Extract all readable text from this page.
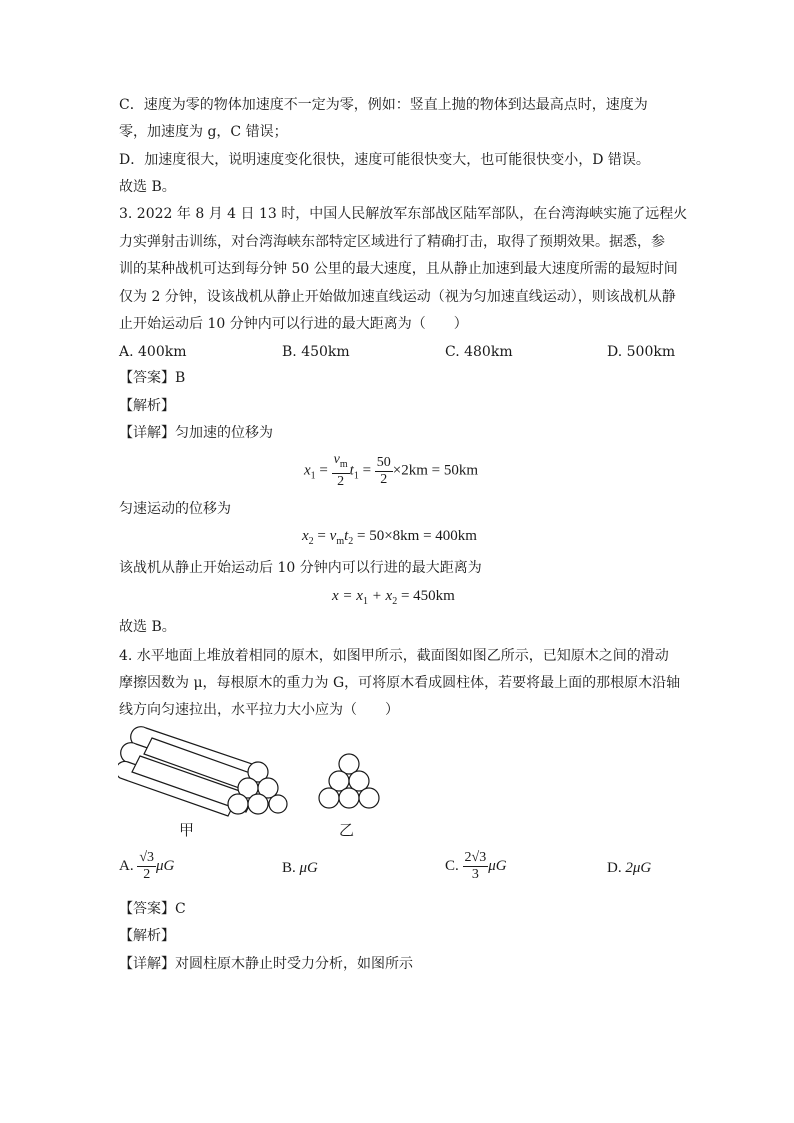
C．速度为零的物体加速度不一定为零，例如：竖直上抛的物体到达最高点时，速度为
零，加速度为 g，C 错误；
D．加速度很大，说明速度变化很快，速度可能很快变大，也可能很快变小，D 错误。
故选 B。
3. 2022 年 8 月 4 日 13 时，中国人民解放军东部战区陆军部队，在台湾海峡实施了远程火
力实弹射击训练，对台湾海峡东部特定区域进行了精确打击，取得了预期效果。据悉，参
训的某种战机可达到每分钟 50 公里的最大速度，且从静止加速到最大速度所需的最短时间
仅为 2 分钟，设该战机从静止开始做加速直线运动（视为匀加速直线运动），则该战机从静
止开始运动后 10 分钟内可以行进的最大距离为（　　）
A. 400km	B. 450km	C. 480km	D. 500km
【答案】B
【解析】
【详解】匀加速的位移为
$x_1 = \frac{v_m}{2} t_1 = \frac{50}{2} \times 2km = 50km$
匀速运动的位移为
$x_2 = v_mt_2 = 50\times 8km = 400km$
该战机从静止开始运动后 10 分钟内可以行进的最大距离为
$x = x_1 + x_2 = 450km$
故选 B。
4. 水平地面上堆放着相同的原木，如图甲所示，截面图如图乙所示，已知原木之间的滑动
摩擦因数为 μ，每根原木的重力为 G，可将原木看成圆柱体，若要将最上面的那根原木沿轴
线方向匀速拉出，水平拉力大小应为（　　）
甲	乙
A. $\frac{√3}{2}$ μG	B. μG	C. $\frac{2√3}{3}$ μG	D. 2μG
【答案】C
【解析】
【详解】对圆柱原木静止时受力分析，如图所示
